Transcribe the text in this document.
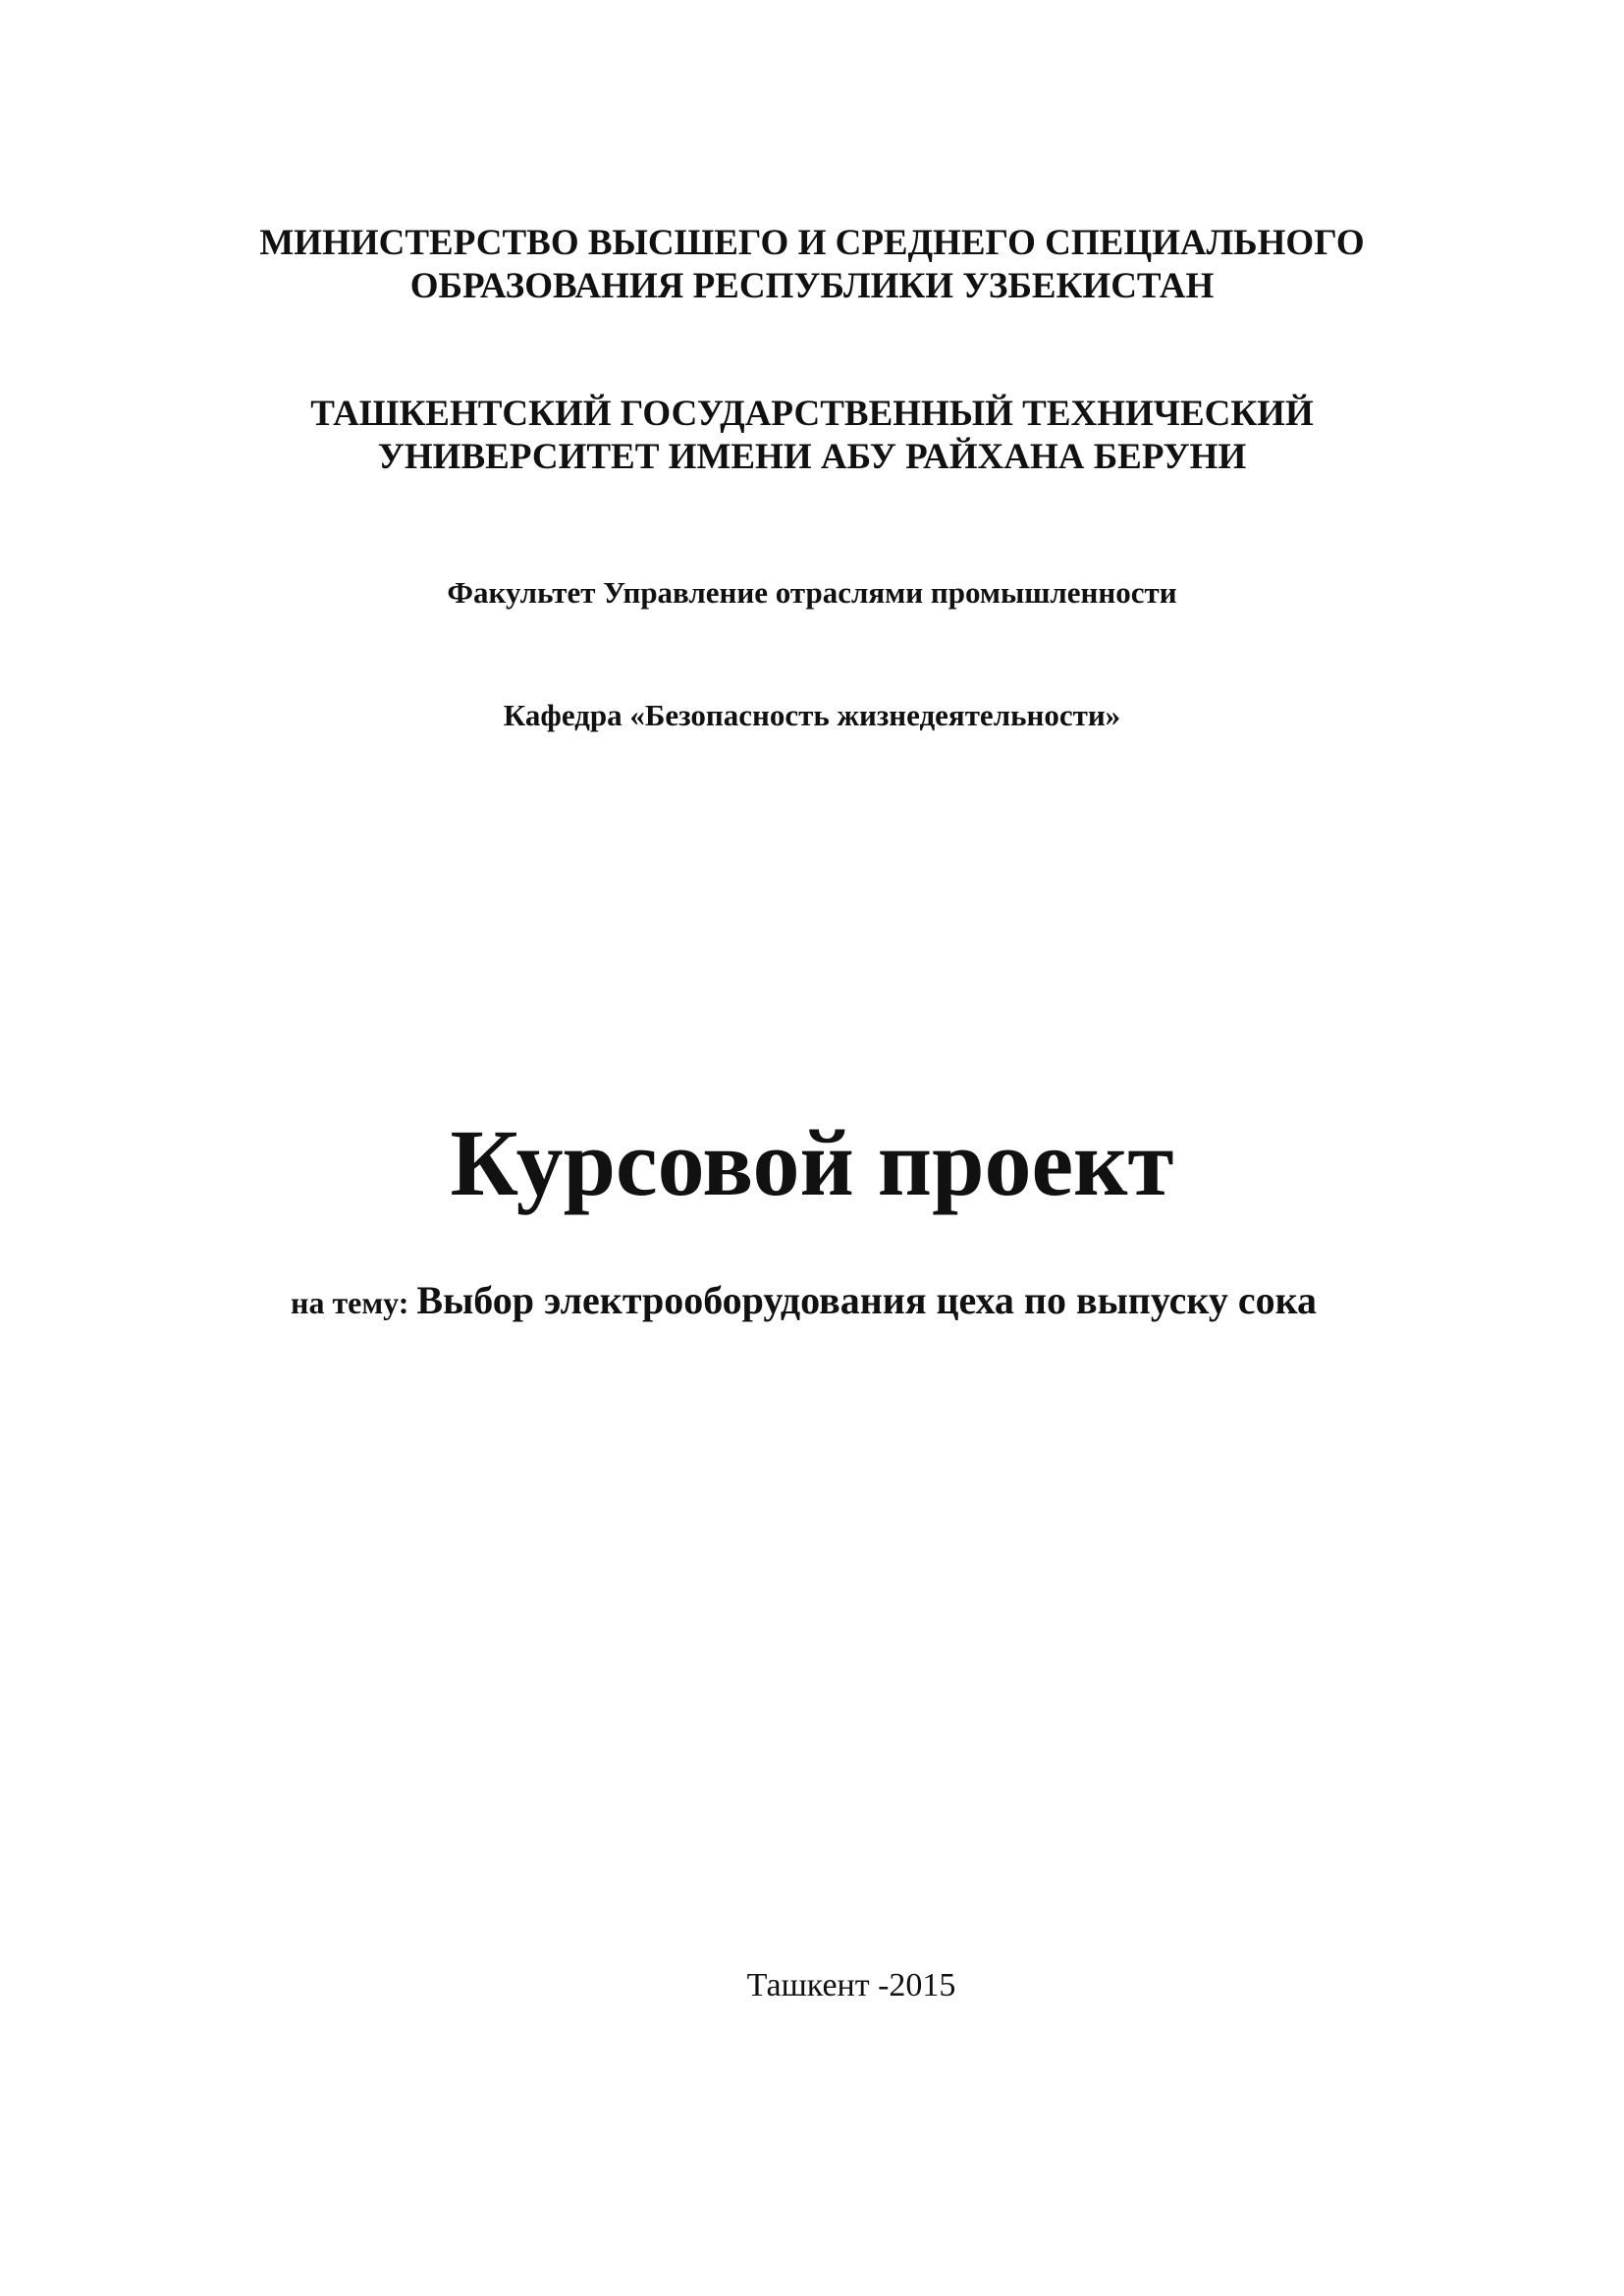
МИНИСТЕРСТВО ВЫСШЕГО И СРЕДНЕГО СПЕЦИАЛЬНОГО
ОБРАЗОВАНИЯ РЕСПУБЛИКИ УЗБЕКИСТАН
ТАШКЕНТСКИЙ ГОСУДАРСТВЕННЫЙ ТЕХНИЧЕСКИЙ
УНИВЕРСИТЕТ ИМЕНИ АБУ РАЙХАНА БЕРУНИ
Факультет Управление отраслями промышленности
Кафедра «Безопасность жизнедеятельности»
Курсовой проект
на тему: Выбор электрооборудования цеха по выпуску сока
Ташкент -2015
